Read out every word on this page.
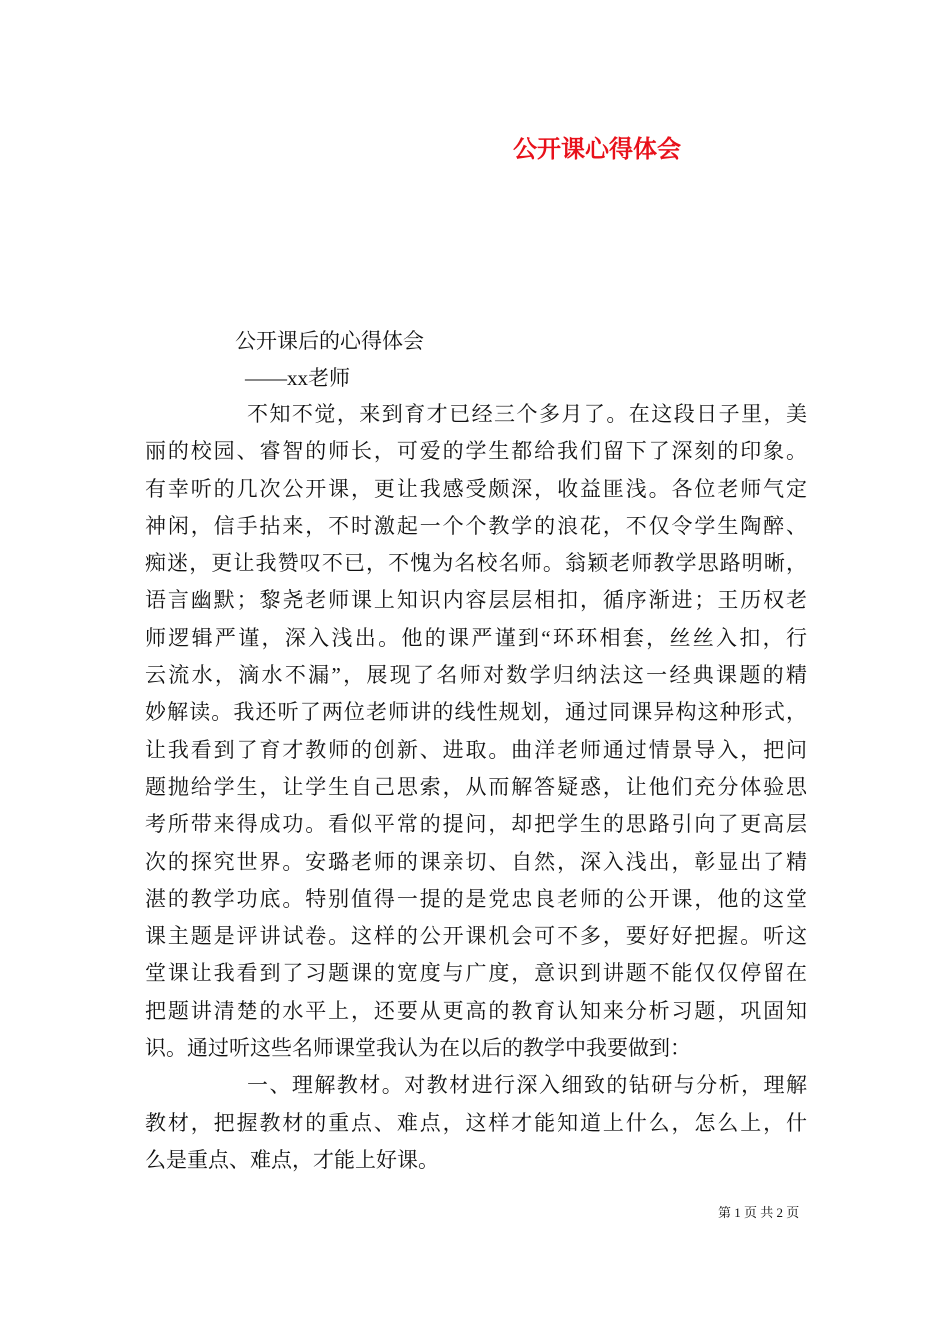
公开课心得体会
公开课后的心得体会
——xx老师
不知不觉，来到育才已经三个多月了。在这段日子里，美
丽的校园、睿智的师长，可爱的学生都给我们留下了深刻的印象。
有幸听的几次公开课，更让我感受颇深，收益匪浅。各位老师气定
神闲，信手拈来，不时激起一个个教学的浪花，不仅令学生陶醉、
痴迷，更让我赞叹不已，不愧为名校名师。翁颖老师教学思路明晰，
语言幽默；黎尧老师课上知识内容层层相扣，循序渐进；王历权老
师逻辑严谨，深入浅出。他的课严谨到“环环相套，丝丝入扣，行
云流水，滴水不漏”，展现了名师对数学归纳法这一经典课题的精
妙解读。我还听了两位老师讲的线性规划，通过同课异构这种形式，
让我看到了育才教师的创新、进取。曲洋老师通过情景导入，把问
题抛给学生，让学生自己思索，从而解答疑惑，让他们充分体验思
考所带来得成功。看似平常的提问，却把学生的思路引向了更高层
次的探究世界。安璐老师的课亲切、自然，深入浅出，彰显出了精
湛的教学功底。特别值得一提的是党忠良老师的公开课，他的这堂
课主题是评讲试卷。这样的公开课机会可不多，要好好把握。听这
堂课让我看到了习题课的宽度与广度，意识到讲题不能仅仅停留在
把题讲清楚的水平上，还要从更高的教育认知来分析习题，巩固知
识。通过听这些名师课堂我认为在以后的教学中我要做到：
一、理解教材。对教材进行深入细致的钻研与分析，理解
教材，把握教材的重点、难点，这样才能知道上什么，怎么上，什
么是重点、难点，才能上好课。
第 1 页 共 2 页
